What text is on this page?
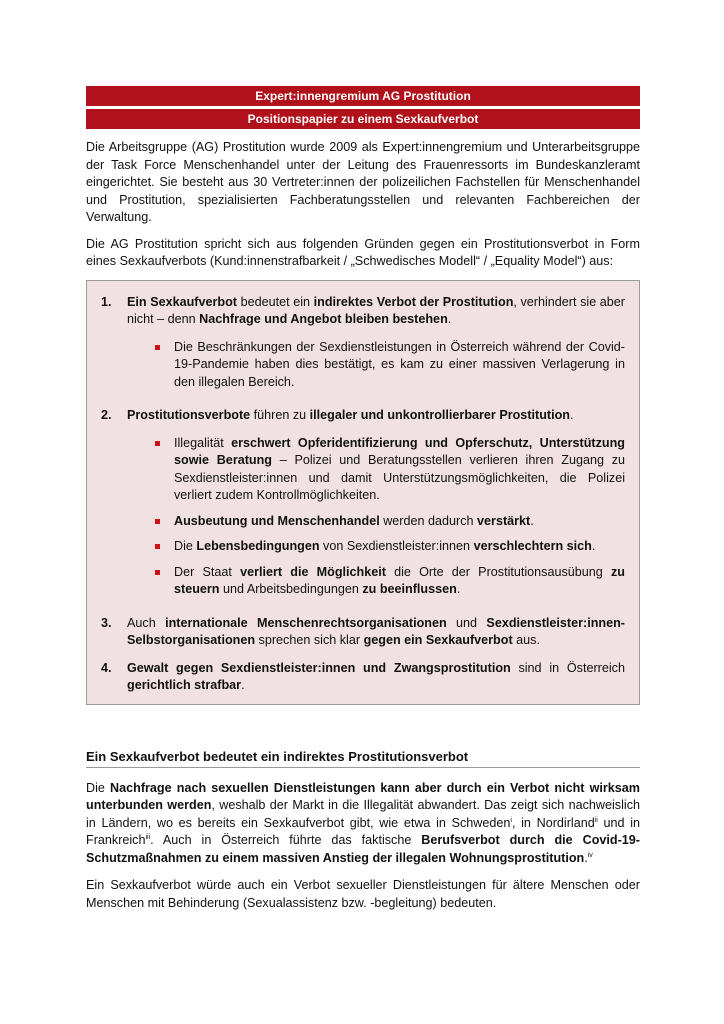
Expert:innengremium AG Prostitution
Positionspapier zu einem Sexkaufverbot

Die Arbeitsgruppe (AG) Prostitution wurde 2009 als Expert:innengremium und Unterarbeitsgruppe der Task Force Menschenhandel unter der Leitung des Frauenressorts im Bundeskanzleramt eingerichtet. Sie besteht aus 30 Vertreter:innen der polizeilichen Fachstellen für Menschenhandel und Prostitution, spezialisierten Fachberatungsstellen und relevanten Fachbereichen der Verwaltung.

Die AG Prostitution spricht sich aus folgenden Gründen gegen ein Prostitutionsverbot in Form eines Sexkaufverbots (Kund:innenstrafbarkeit / „Schwedisches Modell“ / „Equality Model“) aus:

1.	Ein Sexkaufverbot bedeutet ein indirektes Verbot der Prostitution, verhindert sie aber nicht – denn Nachfrage und Angebot bleiben bestehen.
Die Beschränkungen der Sexdienstleistungen in Österreich während der Covid-19-Pandemie haben dies bestätigt, es kam zu einer massiven Verlagerung in den illegalen Bereich.
2.	Prostitutionsverbote führen zu illegaler und unkontrollierbarer Prostitution.
Illegalität erschwert Opferidentifizierung und Opferschutz, Unterstützung sowie Beratung – Polizei und Beratungsstellen verlieren ihren Zugang zu Sexdienstleister:innen und damit Unterstützungsmöglichkeiten, die Polizei verliert zudem Kontrollmöglichkeiten.
Ausbeutung und Menschenhandel werden dadurch verstärkt.
Die Lebensbedingungen von Sexdienstleister:innen verschlechtern sich.
Der Staat verliert die Möglichkeit die Orte der Prostitutionsausübung zu steuern und Arbeitsbedingungen zu beeinflussen.
3.	Auch internationale Menschenrechtsorganisationen und Sexdienstleister:innen-Selbstorganisationen sprechen sich klar gegen ein Sexkaufverbot aus.
4.	Gewalt gegen Sexdienstleister:innen und Zwangsprostitution sind in Österreich gerichtlich strafbar.
Ein Sexkaufverbot bedeutet ein indirektes Prostitutionsverbot

Die Nachfrage nach sexuellen Dienstleistungen kann aber durch ein Verbot nicht wirksam unterbunden werden, weshalb der Markt in die Illegalität abwandert. Das zeigt sich nachweislich in Ländern, wo es bereits ein Sexkaufverbot gibt, wie etwa in Schweden$^i$, in Nordirland$^{ii}$ und in Frankreich$^{iii}$. Auch in Österreich führte das faktische Berufsverbot durch die Covid-19-Schutzmaßnahmen zu einem massiven Anstieg der illegalen Wohnungsprostitution.$^{iv}$

Ein Sexkaufverbot würde auch ein Verbot sexueller Dienstleistungen für ältere Menschen oder Menschen mit Behinderung (Sexualassistenz bzw. -begleitung) bedeuten.
